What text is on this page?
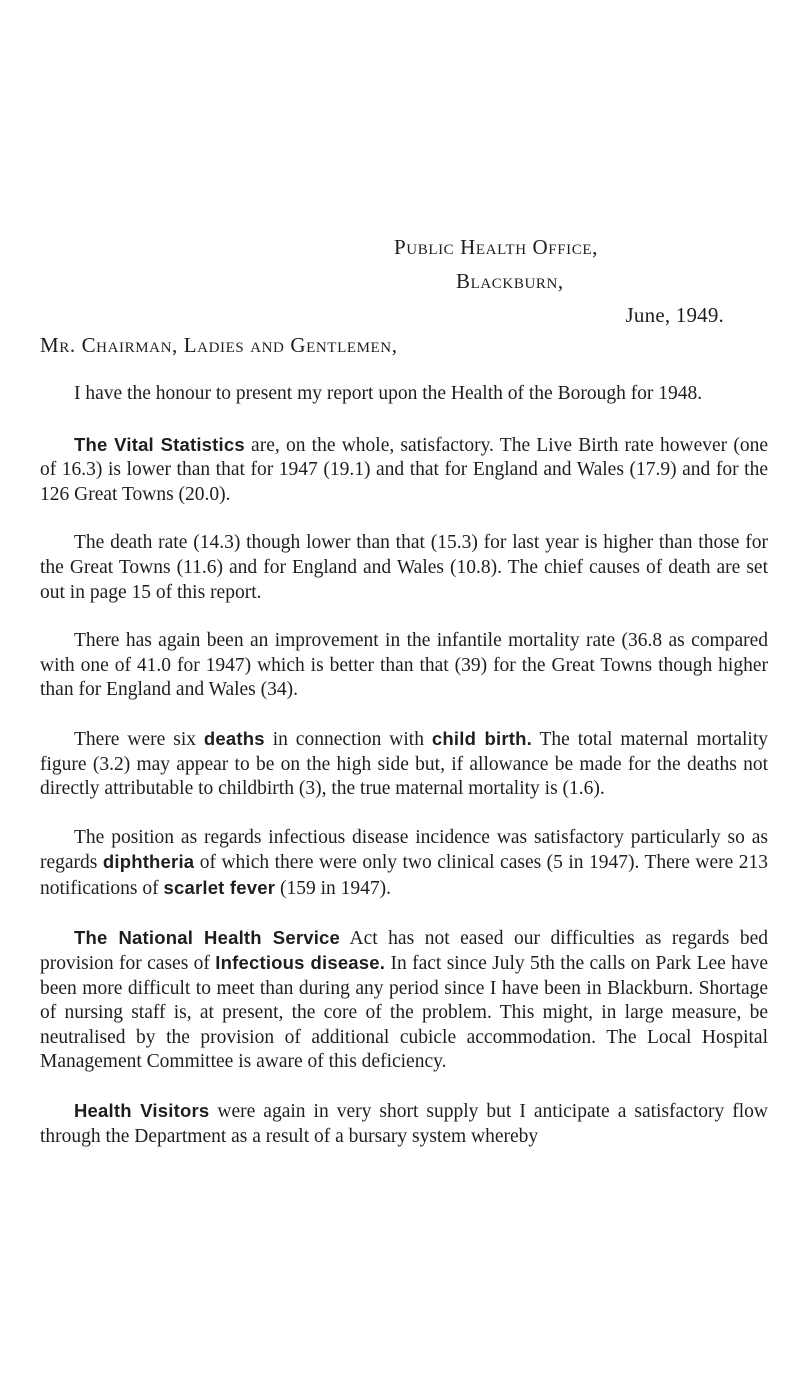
Public Health Office,
Blackburn,
June, 1949.
Mr. Chairman, Ladies and Gentlemen,

I have the honour to present my report upon the Health of the Borough for 1948.

The Vital Statistics are, on the whole, satisfactory. The Live Birth rate however (one of 16.3) is lower than that for 1947 (19.1) and that for England and Wales (17.9) and for the 126 Great Towns (20.0).

The death rate (14.3) though lower than that (15.3) for last year is higher than those for the Great Towns (11.6) and for England and Wales (10.8). The chief causes of death are set out in page 15 of this report.

There has again been an improvement in the infantile mortality rate (36.8 as compared with one of 41.0 for 1947) which is better than that (39) for the Great Towns though higher than for England and Wales (34).

There were six deaths in connection with child birth. The total maternal mortality figure (3.2) may appear to be on the high side but, if allowance be made for the deaths not directly attributable to childbirth (3), the true maternal mortality is (1.6).

The position as regards infectious disease incidence was satisfactory particularly so as regards diphtheria of which there were only two clinical cases (5 in 1947). There were 213 notifications of scarlet fever (159 in 1947).

The National Health Service Act has not eased our difficulties as regards bed provision for cases of Infectious disease. In fact since July 5th the calls on Park Lee have been more difficult to meet than during any period since I have been in Blackburn. Shortage of nursing staff is, at present, the core of the problem. This might, in large measure, be neutralised by the provision of additional cubicle accommodation. The Local Hospital Management Committee is aware of this deficiency.

Health Visitors were again in very short supply but I anticipate a satisfactory flow through the Department as a result of a bursary system whereby
